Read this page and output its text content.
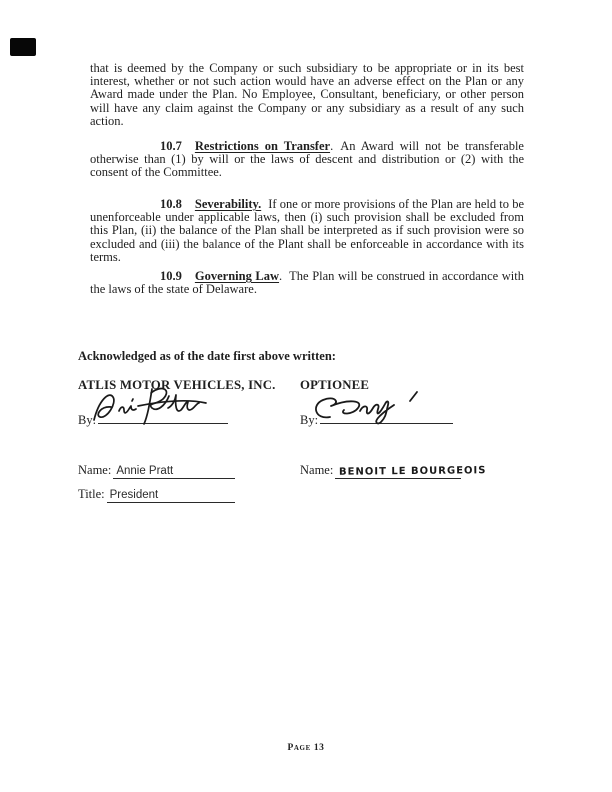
that is deemed by the Company or such subsidiary to be appropriate or in its best interest, whether or not such action would have an adverse effect on the Plan or any Award made under the Plan. No Employee, Consultant, beneficiary, or other person will have any claim against the Company or any subsidiary as a result of any such action.

10.7 Restrictions on Transfer. An Award will not be transferable otherwise than (1) by will or the laws of descent and distribution or (2) with the consent of the Committee.

10.8 Severability. If one or more provisions of the Plan are held to be unenforceable under applicable laws, then (i) such provision shall be excluded from this Plan, (ii) the balance of the Plan shall be interpreted as if such provision were so excluded and (iii) the balance of the Plant shall be enforceable in accordance with its terms.

10.9 Governing Law. The Plan will be construed in accordance with the laws of the state of Delaware.

Acknowledged as of the date first above written:

ATLIS MOTOR VEHICLES, INC. OPTIONEE

By:	By:
Name: Annie Pratt	Name: BENOIT LE BOURGEOIS
Title: President

Page 13
